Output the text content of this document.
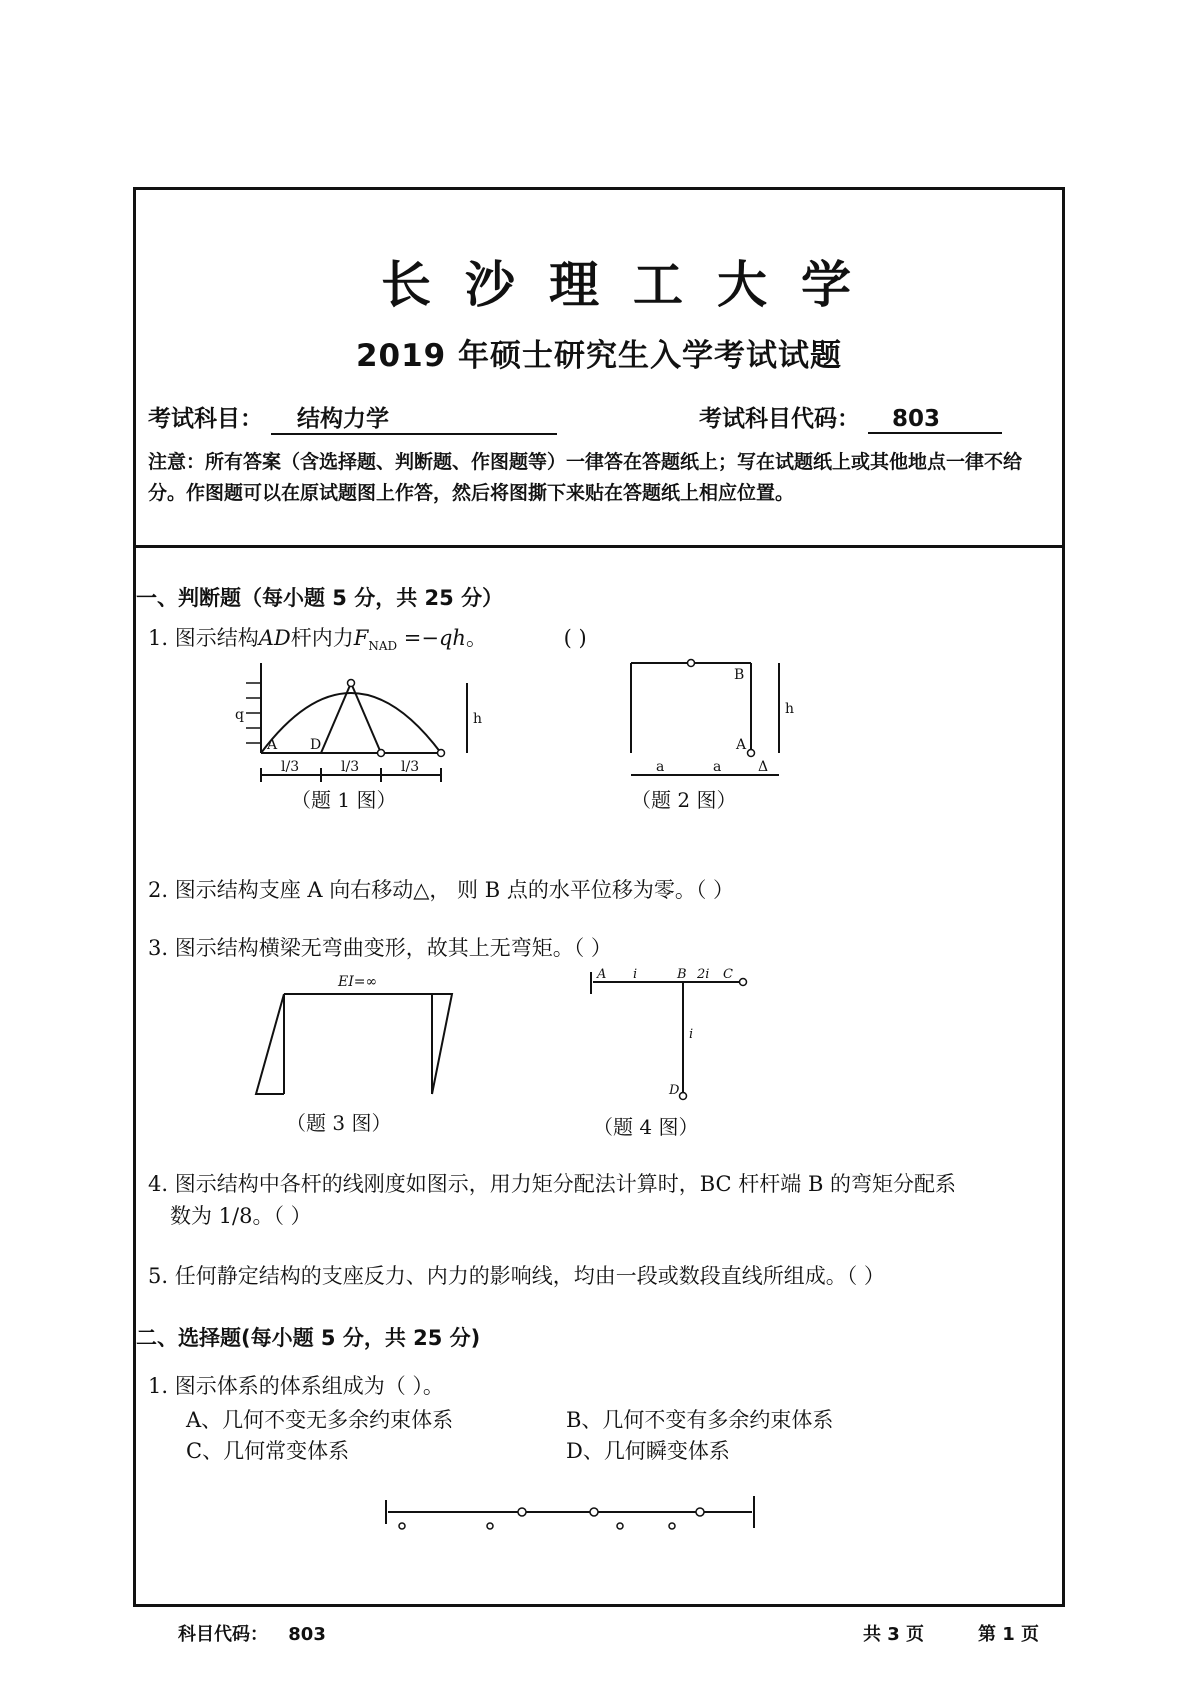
长沙理工大学
2019 年硕士研究生入学考试试题
考试科目： 结构力学	考试科目代码： 803
注意：所有答案（含选择题、判断题、作图题等）一律答在答题纸上；写在试题纸上或其他地点一律不给分。作图题可以在原试题图上作答，然后将图撕下来贴在答题纸上相应位置。
一、判断题（每小题 5 分，共 25 分）
1. 图示结构AD杆内力$F_{NAD} =-qh$。	( )
q
A D
h
l/3	l/3	l/3
（题 1 图）
B
A
h
a	a	Δ
（题 2 图）
2. 图示结构支座 A 向右移动△， 则 B 点的水平位移为零。（ ）
3. 图示结构横梁无弯曲变形，故其上无弯矩。（ ）
EI=∞
（题 3 图）
A i	B 2i C
i
D
（题 4 图）
4. 图示结构中各杆的线刚度如图示，用力矩分配法计算时，BC 杆杆端 B 的弯矩分配系
数为 1/8。（ ）
5. 任何静定结构的支座反力、内力的影响线，均由一段或数段直线所组成。（ ）
二、选择题(每小题 5 分，共 25 分)
1. 图示体系的体系组成为（ ）。
A、几何不变无多余约束体系	B、几何不变有多余约束体系
C、几何常变体系	D、几何瞬变体系
科目代码： 803	共 3 页	第 1 页
